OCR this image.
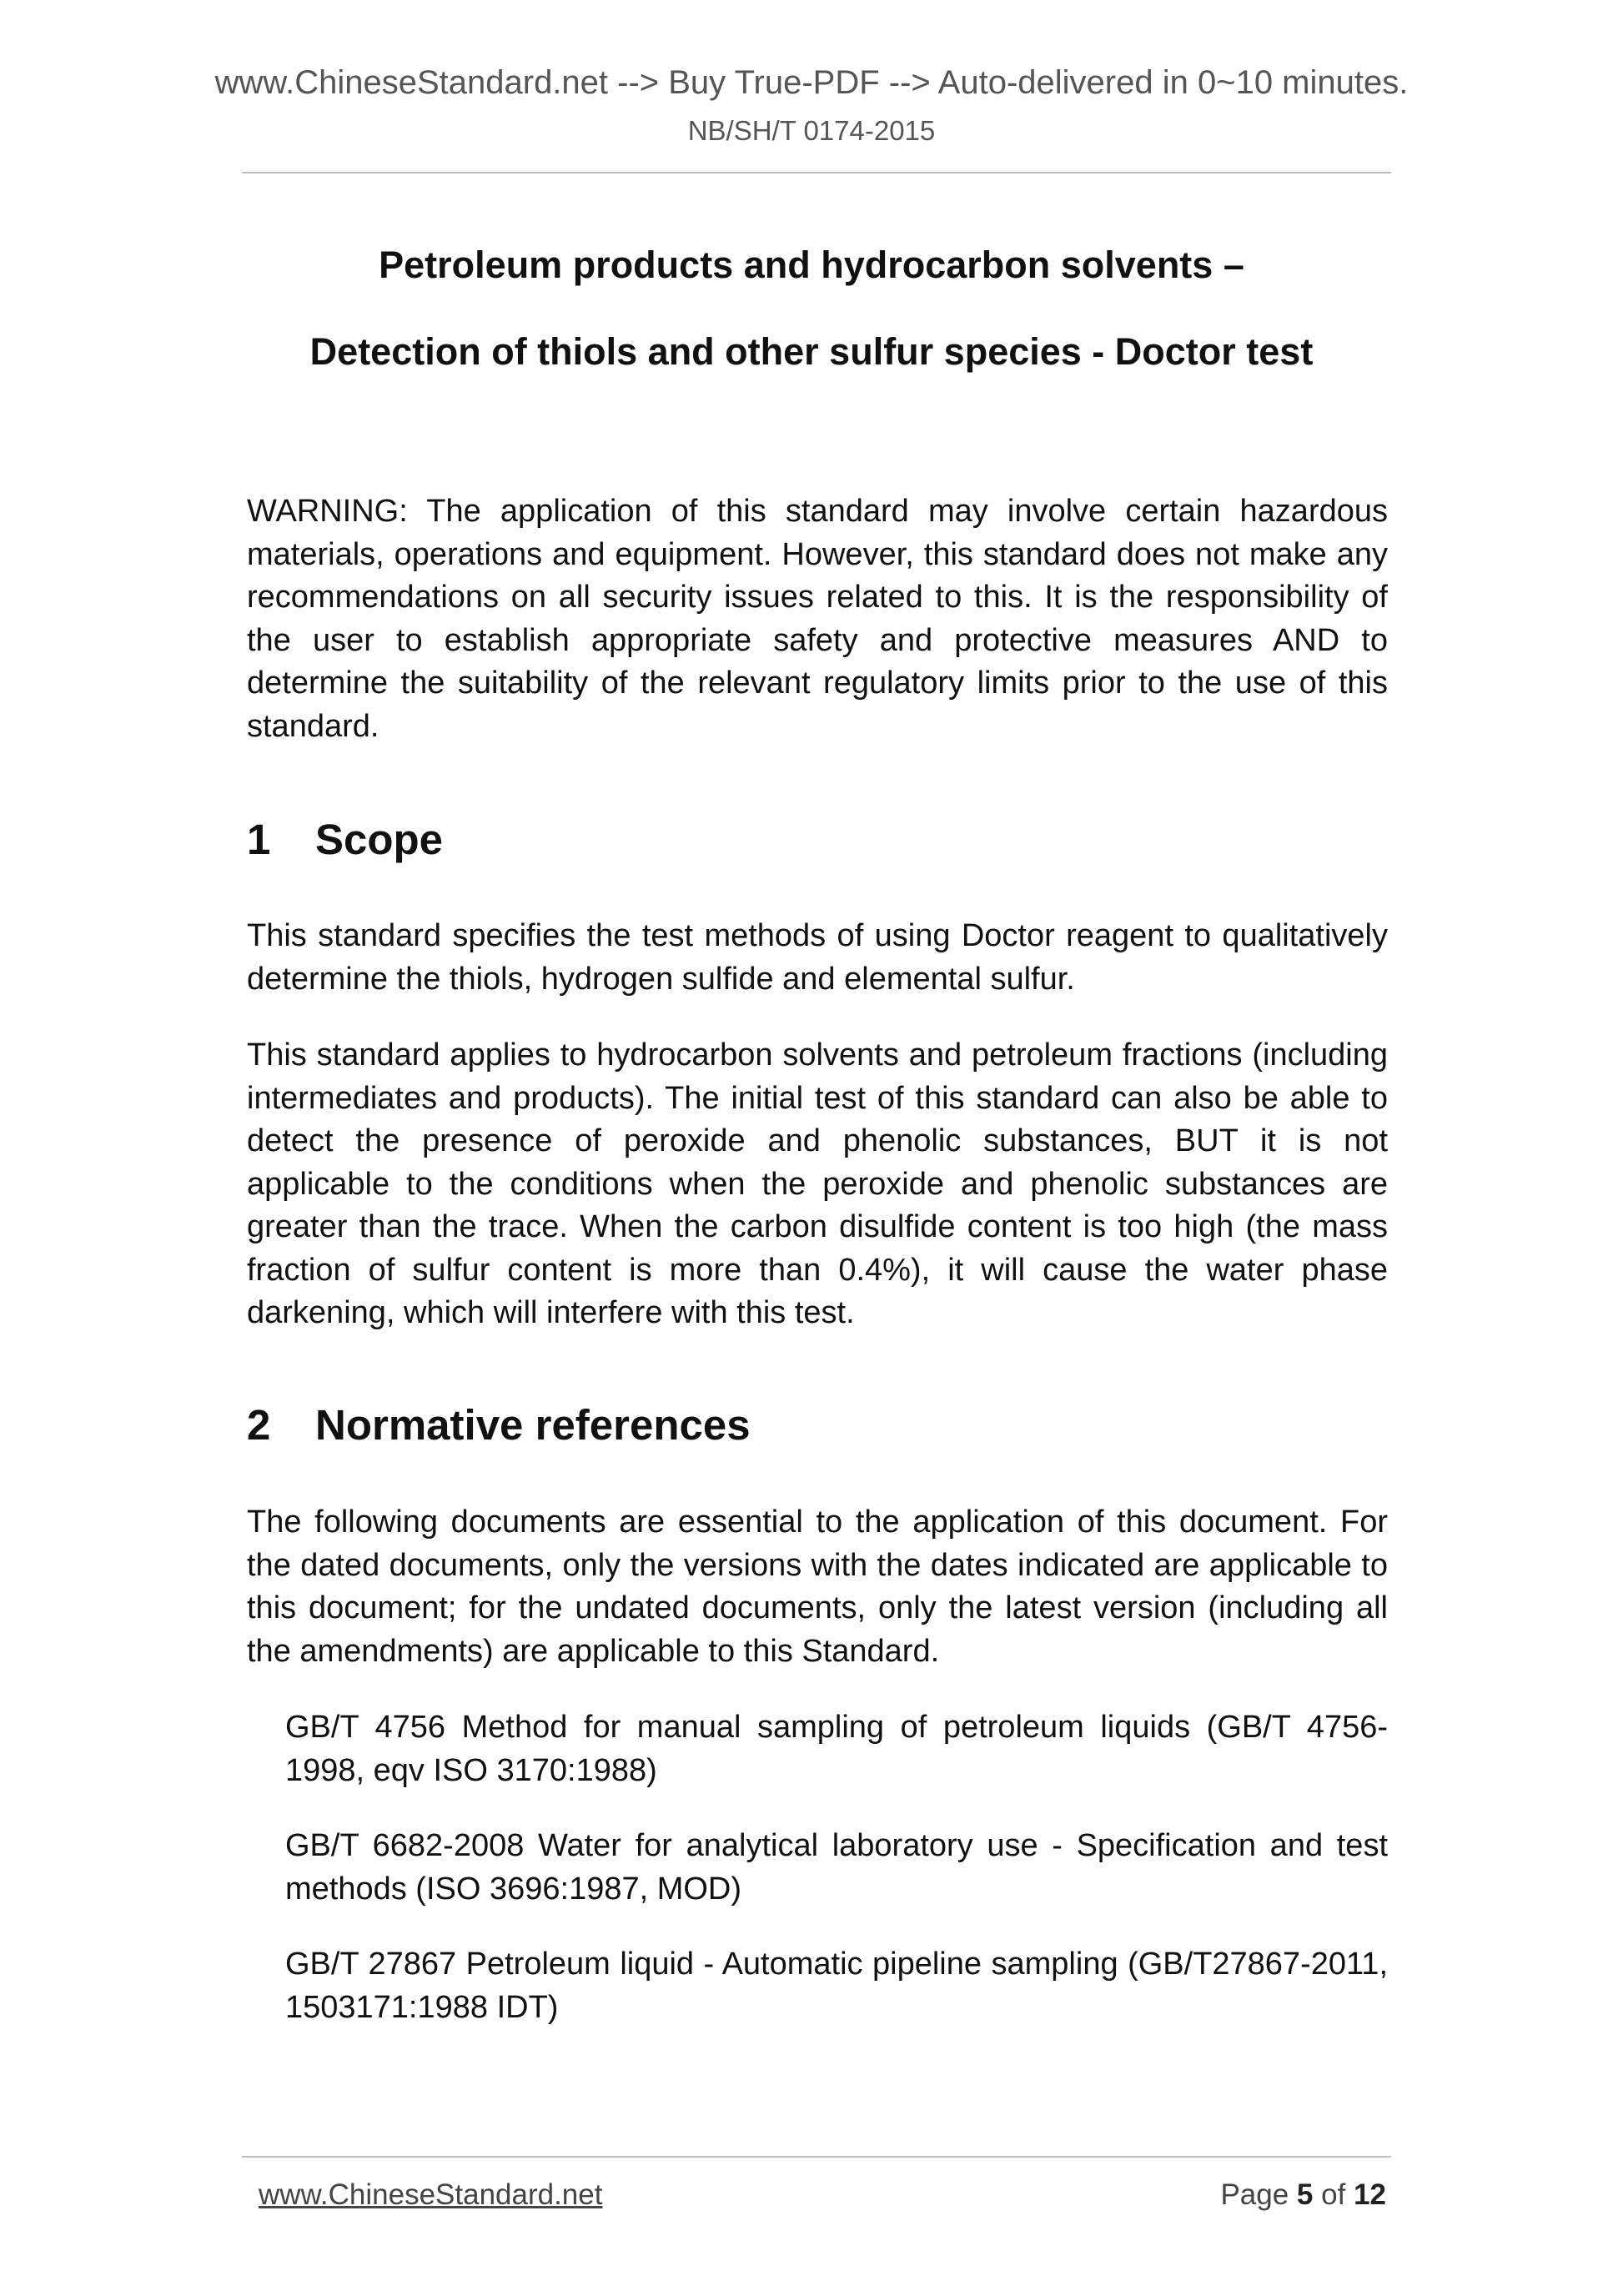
www.ChineseStandard.net --> Buy True-PDF --> Auto-delivered in 0~10 minutes.
NB/SH/T 0174-2015
Petroleum products and hydrocarbon solvents –
Detection of thiols and other sulfur species - Doctor test

WARNING: The application of this standard may involve certain hazardous materials, operations and equipment. However, this standard does not make any recommendations on all security issues related to this. It is the responsibility of the user to establish appropriate safety and protective measures AND to determine the suitability of the relevant regulatory limits prior to the use of this standard.

1 Scope

This standard specifies the test methods of using Doctor reagent to qualitatively determine the thiols, hydrogen sulfide and elemental sulfur.

This standard applies to hydrocarbon solvents and petroleum fractions (including intermediates and products). The initial test of this standard can also be able to detect the presence of peroxide and phenolic substances, BUT it is not applicable to the conditions when the peroxide and phenolic substances are greater than the trace. When the carbon disulfide content is too high (the mass fraction of sulfur content is more than 0.4%), it will cause the water phase darkening, which will interfere with this test.

2 Normative references

The following documents are essential to the application of this document. For the dated documents, only the versions with the dates indicated are applicable to this document; for the undated documents, only the latest version (including all the amendments) are applicable to this Standard.

GB/T 4756 Method for manual sampling of petroleum liquids (GB/T 4756-1998, eqv ISO 3170:1988)

GB/T 6682-2008 Water for analytical laboratory use - Specification and test methods (ISO 3696:1987, MOD)

GB/T 27867 Petroleum liquid - Automatic pipeline sampling (GB/T27867-2011, 1503171:1988 IDT)

www.ChineseStandard.net	Page 5 of 12
